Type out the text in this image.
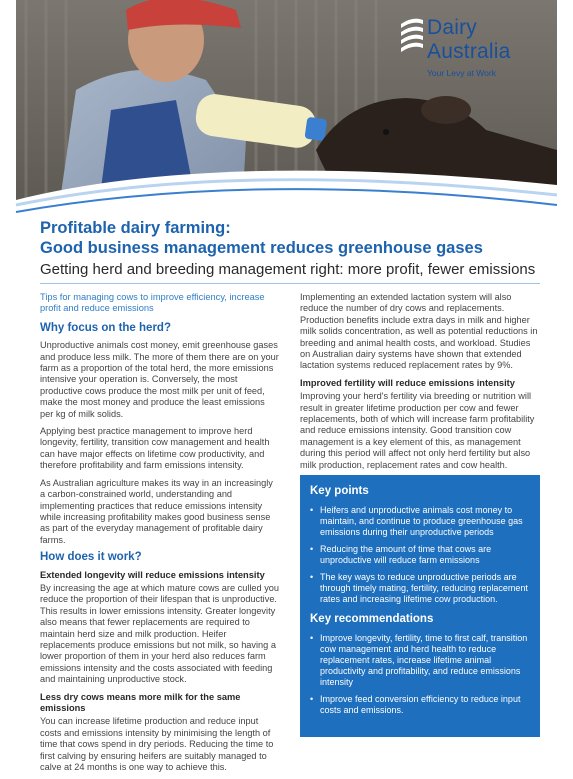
Dairy
Australia
Your Levy at Work
Profitable dairy farming:
Good business management reduces greenhouse gases
Getting herd and breeding management right: more profit, fewer emissions
Tips for managing cows to improve efficiency, increase profit and reduce emissions
Why focus on the herd?
Unproductive animals cost money, emit greenhouse gases and produce less milk. The more of them there are on your farm as a proportion of the total herd, the more emissions intensive your operation is. Conversely, the most productive cows produce the most milk per unit of feed, make the most money and produce the least emissions per kg of milk solids.
Applying best practice management to improve herd longevity, fertility, transition cow management and health can have major effects on lifetime cow productivity, and therefore profitability and farm emissions intensity.
As Australian agriculture makes its way in an increasingly a carbon-constrained world, understanding and implementing practices that reduce emissions intensity while increasing profitability makes good business sense as part of the everyday management of profitable dairy farms.
How does it work?
Extended longevity will reduce emissions intensity
By increasing the age at which mature cows are culled you reduce the proportion of their lifespan that is unproductive. This results in lower emissions intensity. Greater longevity also means that fewer replacements are required to maintain herd size and milk production. Heifer replacements produce emissions but not milk, so having a lower proportion of them in your herd also reduces farm emissions intensity and the costs associated with feeding and maintaining unproductive stock.
Less dry cows means more milk for the same emissions
You can increase lifetime production and reduce input costs and emissions intensity by minimising the length of time that cows spend in dry periods. Reducing the time to first calving by ensuring heifers are suitably managed to calve at 24 months is one way to achieve this.
Implementing an extended lactation system will also reduce the number of dry cows and replacements. Production benefits include extra days in milk and higher milk solids concentration, as well as potential reductions in breeding and animal health costs, and workload. Studies on Australian dairy systems have shown that extended lactation systems reduced replacement rates by 9%.
Improved fertility will reduce emissions intensity
Improving your herd's fertility via breeding or nutrition will result in greater lifetime production per cow and fewer replacements, both of which will increase farm profitability and reduce emissions intensity. Good transition cow management is a key element of this, as management during this period will affect not only herd fertility but also milk production, replacement rates and cow health.
Key points
• Heifers and unproductive animals cost money to maintain, and continue to produce greenhouse gas emissions during their unproductive periods
• Reducing the amount of time that cows are unproductive will reduce farm emissions
• The key ways to reduce unproductive periods are through timely mating, fertility, reducing replacement rates and increasing lifetime cow production.
Key recommendations
• Improve longevity, fertility, time to first calf, transition cow management and herd health to reduce replacement rates, increase lifetime animal productivity and profitability, and reduce emissions intensity
• Improve feed conversion efficiency to reduce input costs and emissions.
